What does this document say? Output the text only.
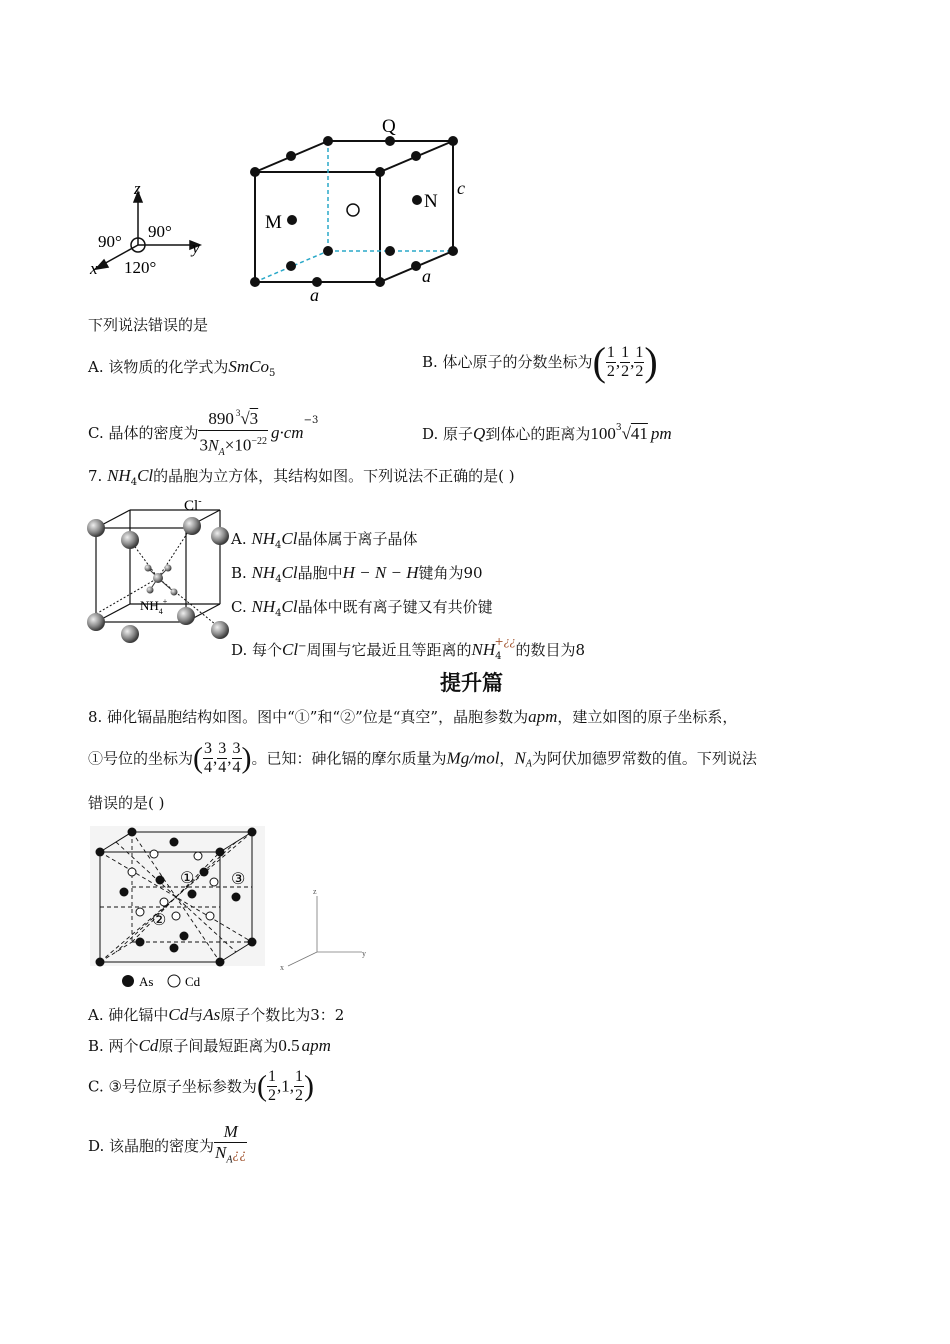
z
y
x
90°
90°
120°
Q
N
M
a
a
c
下列说法错误的是
A. 该物质的化学式为SmCo$_5$
B. 体心原子的分数坐标为( $\frac{1}{2}$ , $\frac{1}{2}$ , $\frac{1}{2}$ )
C. 晶体的密度为 $\frac{890 ^3√3}{3N_A\times 10^{-22}} g\cdot cm^{-3}$
D. 原子Q到体心的距离为$100^3√41$ pm
7. $NH_4Cl$的晶胞为立方体，其结构如图。下列说法不正确的是( )
Cl-
$NH_4^+$
A. $NH_4Cl$晶体属于离子晶体
B. $NH_4Cl$晶胞中H − N − H键角为90
C. $NH_4Cl$晶体中既有离子键又有共价键
D. 每个Cl−周围与它最近且等距离的$NH_4^{+¿¿}$的数目为8
提升篇
8. 砷化镉晶胞结构如图。图中“①”和“②”位是“真空”，晶胞参数为apm，建立如图的原子坐标系，
①号位的坐标为( $\frac{3}{4}$ , $\frac{3}{4}$ , $\frac{3}{4}$ )。已知：砷化镉的摩尔质量为Mg/mol，$N_A$为阿伏加德罗常数的值。下列说法
错误的是( )
①
②
③
As Cd
z
y
x
A. 砷化镉中Cd与As原子个数比为3：2
B. 两个Cd原子间最短距离为0.5 apm
C. ③号位原子坐标参数为( $\frac{1}{2} ,1$, $\frac{1}{2}$ )
D. 该晶胞的密度为 $\frac{M}{N_A¿¿}$
